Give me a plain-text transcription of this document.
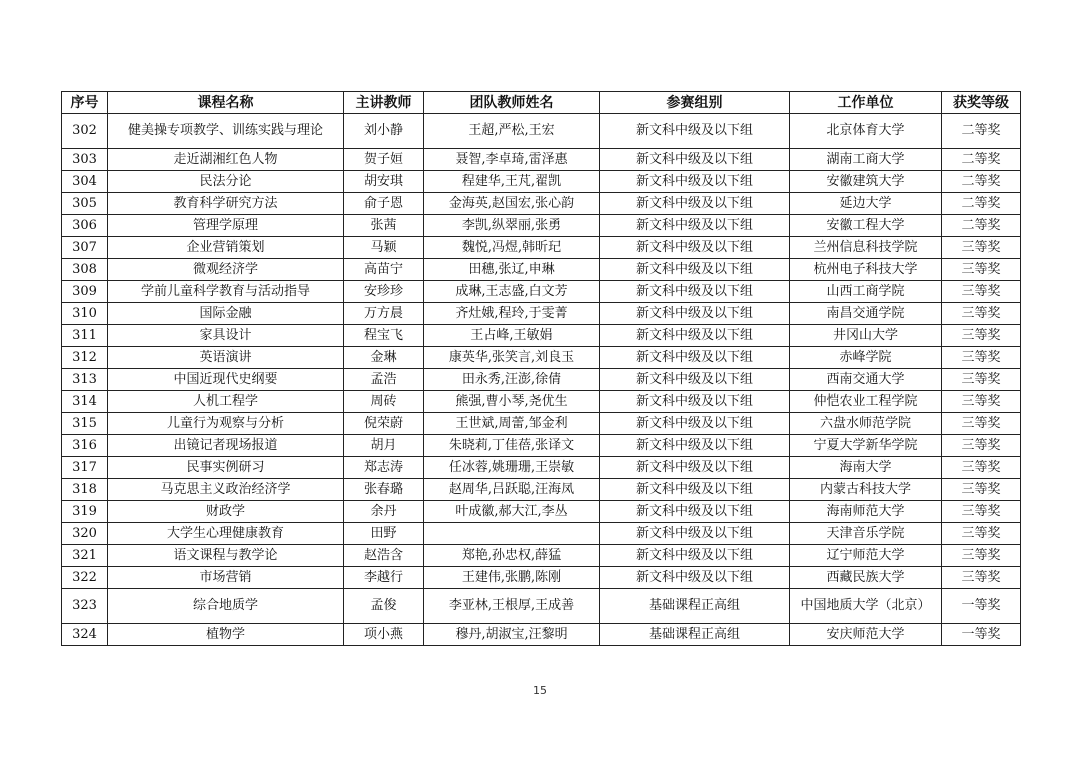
序号	课程名称	主讲教师	团队教师姓名	参赛组别	工作单位	获奖等级
302	健美操专项教学、训练实践与理论	刘小静	王超,严松,王宏	新文科中级及以下组	北京体育大学	二等奖
303	走近湖湘红色人物	贺子姮	聂智,李卓琦,雷泽惠	新文科中级及以下组	湖南工商大学	二等奖
304	民法分论	胡安琪	程建华,王芃,翟凯	新文科中级及以下组	安徽建筑大学	二等奖
305	教育科学研究方法	俞子恩	金海英,赵国宏,张心韵	新文科中级及以下组	延边大学	二等奖
306	管理学原理	张茜	李凯,纵翠丽,张勇	新文科中级及以下组	安徽工程大学	二等奖
307	企业营销策划	马颖	魏悦,冯煜,韩昕玘	新文科中级及以下组	兰州信息科技学院	三等奖
308	微观经济学	高苗宁	田穗,张辽,申琳	新文科中级及以下组	杭州电子科技大学	三等奖
309	学前儿童科学教育与活动指导	安珍珍	成琳,王志盛,白文芳	新文科中级及以下组	山西工商学院	三等奖
310	国际金融	万方晨	齐灶娥,程玲,于雯菁	新文科中级及以下组	南昌交通学院	三等奖
311	家具设计	程宝飞	王占峰,王敏娟	新文科中级及以下组	井冈山大学	三等奖
312	英语演讲	金琳	康英华,张笑言,刘良玉	新文科中级及以下组	赤峰学院	三等奖
313	中国近现代史纲要	孟浩	田永秀,汪澎,徐倩	新文科中级及以下组	西南交通大学	三等奖
314	人机工程学	周砖	熊强,曹小琴,尧优生	新文科中级及以下组	仲恺农业工程学院	三等奖
315	儿童行为观察与分析	倪荣蔚	王世斌,周蕾,邹金利	新文科中级及以下组	六盘水师范学院	三等奖
316	出镜记者现场报道	胡月	朱晓莉,丁佳蓓,张译文	新文科中级及以下组	宁夏大学新华学院	三等奖
317	民事实例研习	郑志涛	任冰蓉,姚珊珊,王崇敏	新文科中级及以下组	海南大学	三等奖
318	马克思主义政治经济学	张春璐	赵周华,吕跃聪,汪海凤	新文科中级及以下组	内蒙古科技大学	三等奖
319	财政学	余丹	叶成徽,郝大江,李丛	新文科中级及以下组	海南师范大学	三等奖
320	大学生心理健康教育	田野		新文科中级及以下组	天津音乐学院	三等奖
321	语文课程与教学论	赵浩含	郑艳,孙忠权,薛猛	新文科中级及以下组	辽宁师范大学	三等奖
322	市场营销	李越行	王建伟,张鹏,陈刚	新文科中级及以下组	西藏民族大学	三等奖
323	综合地质学	孟俊	李亚林,王根厚,王成善	基础课程正高组	中国地质大学（北京）	一等奖
324	植物学	项小燕	穆丹,胡淑宝,汪黎明	基础课程正高组	安庆师范大学	一等奖
15
